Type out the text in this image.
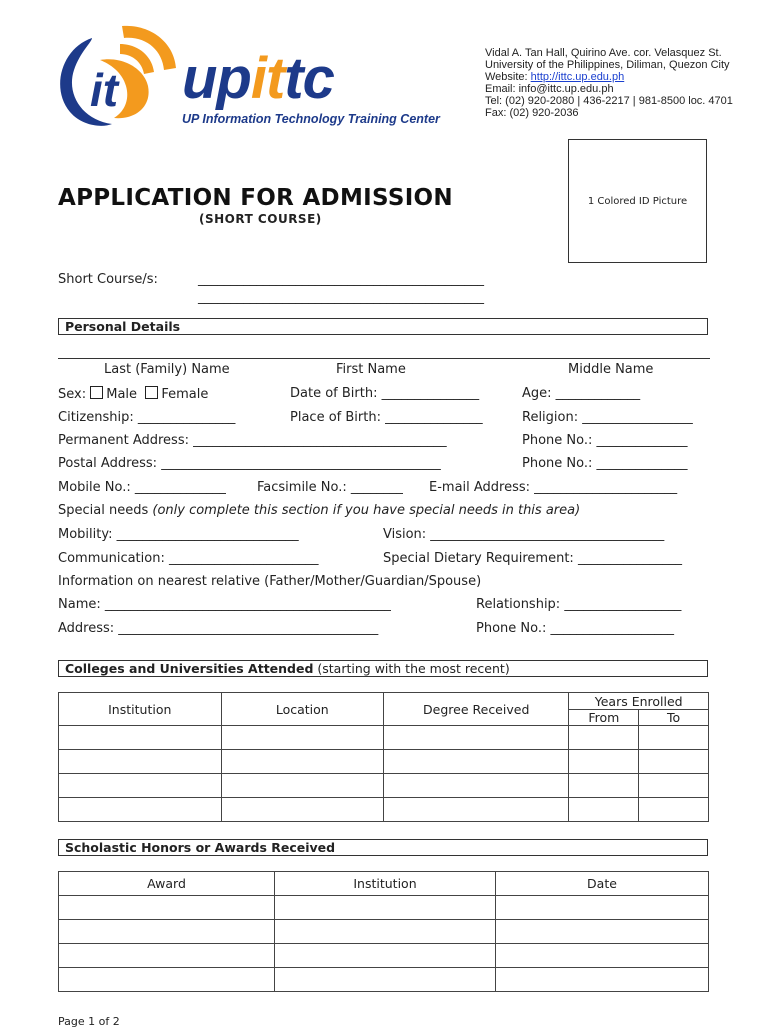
it upittc
UP Information Technology Training Center
Vidal A. Tan Hall, Quirino Ave. cor. Velasquez St.
University of the Philippines, Diliman, Quezon City
Website: http://ittc.up.edu.ph
Email: info@ittc.up.edu.ph
Tel: (02) 920-2080 | 436-2217 | 981-8500 loc. 4701
Fax: (02) 920-2036
APPLICATION FOR ADMISSION
(SHORT COURSE)
1 Colored ID Picture
Short Course/s:	____________________________________________
____________________________________________
Personal Details
Last (Family) Name	First Name	Middle Name
Sex: Male Female	Date of Birth: _______________	Age: _____________
Citizenship: _______________	Place of Birth: _______________	Religion: _________________
Permanent Address: _______________________________________	Phone No.: ______________
Postal Address: ___________________________________________	Phone No.: ______________
Mobile No.: ______________ Facsimile No.: ________ E-mail Address: ______________________
Special needs (only complete this section if you have special needs in this area)
Mobility: ____________________________	Vision: ____________________________________
Communication: _______________________	Special Dietary Requirement: ________________
Information on nearest relative (Father/Mother/Guardian/Spouse)
Name: ____________________________________________	Relationship: __________________
Address: ________________________________________	Phone No.: ___________________
Colleges and Universities Attended (starting with the most recent)
Institution	Location	Degree Received	Years Enrolled	
			From	To

Scholastic Honors or Awards Received
Award	Institution	Date

Page 1 of 2
